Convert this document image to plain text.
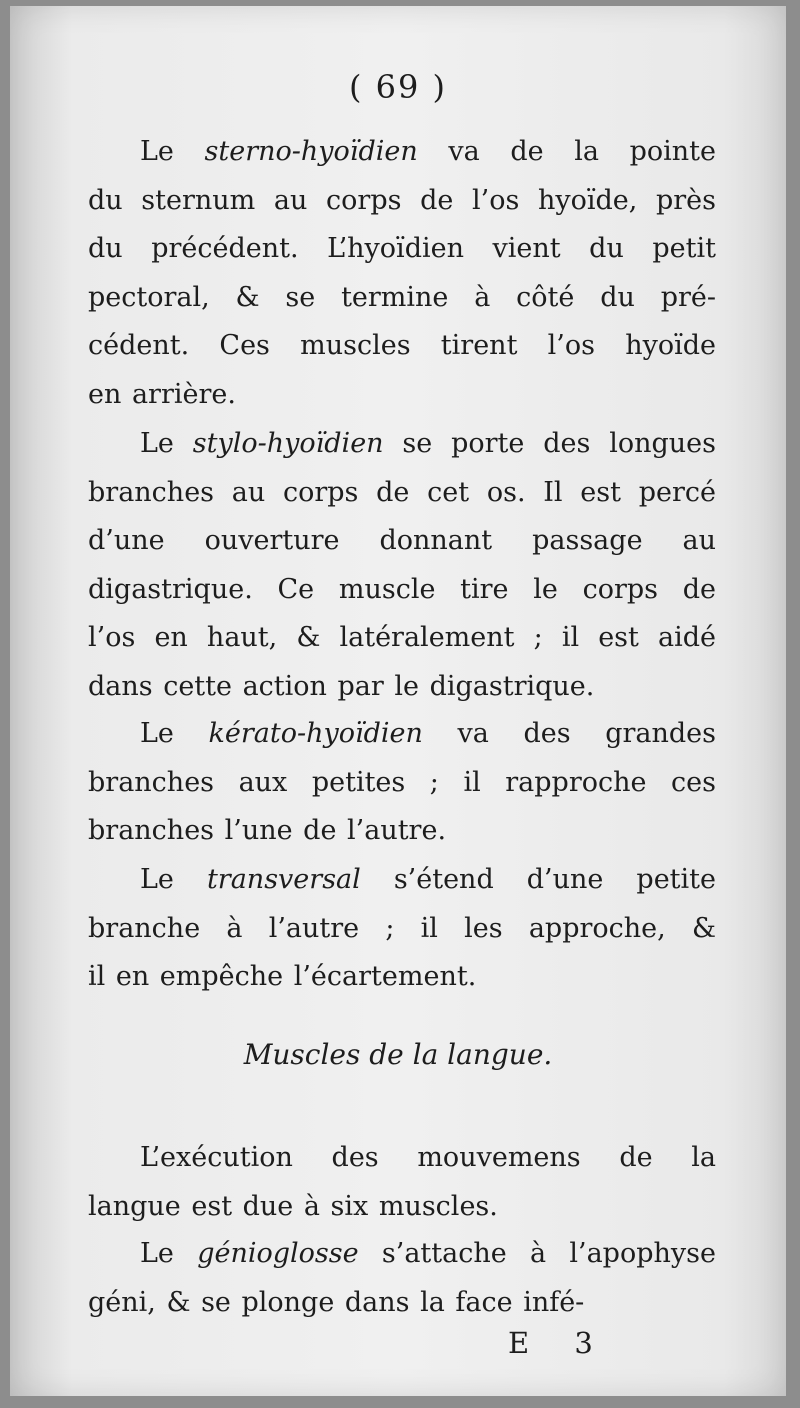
( 69 )
Le sterno-hyoïdien va de la pointe
du sternum au corps de l’os hyoïde, près
du précédent. L’hyoïdien vient du petit
pectoral, & se termine à côté du pré-
cédent. Ces muscles tirent l’os hyoïde
en arrière.
Le stylo-hyoïdien se porte des longues
branches au corps de cet os. Il est percé
d’une ouverture donnant passage au
digastrique. Ce muscle tire le corps de
l’os en haut, & latéralement ; il est aidé
dans cette action par le digastrique.
Le kérato-hyoïdien va des grandes
branches aux petites ; il rapproche ces
branches l’une de l’autre.
Le transversal s’étend d’une petite
branche à l’autre ; il les approche, &
il en empêche l’écartement.
Muscles de la langue.
L’exécution des mouvemens de la
langue est due à six muscles.
Le génioglosse s’attache à l’apophyse
géni, & se plonge dans la face infé-
E 3
